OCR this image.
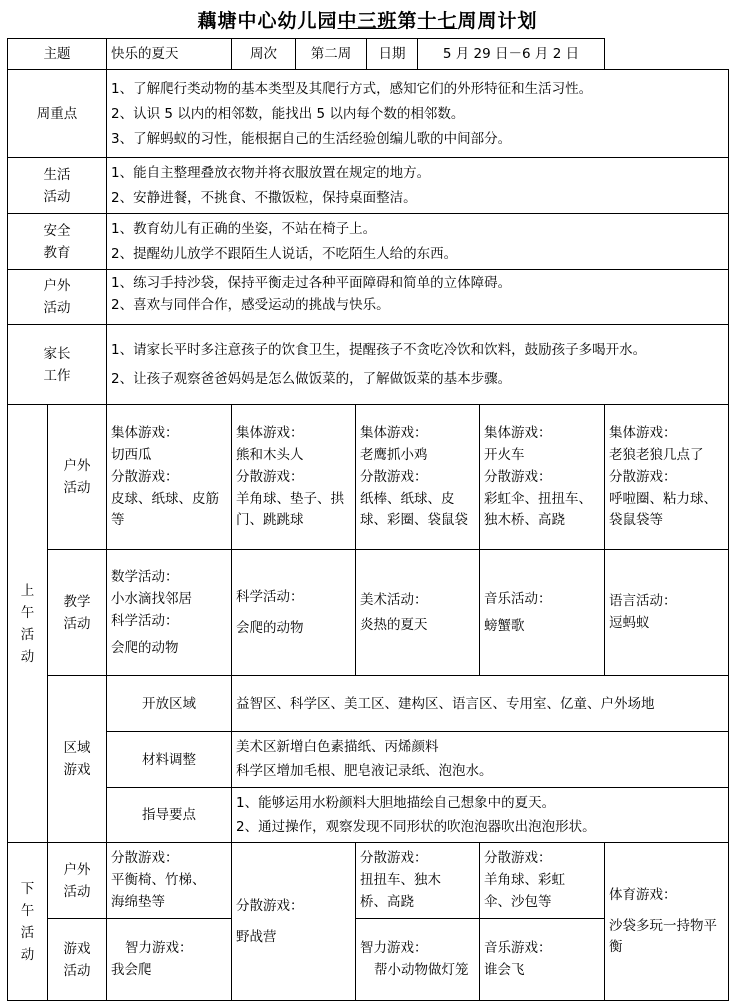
藕塘中心幼儿园中三班第十七周周计划
主题		快乐的夏天	周次 第二周 日期 5 月 29 日－6 月 2 日			

周重点		1、了解爬行类动物的基本类型及其爬行方式，感知它们的外形特征和生活习性。
2、认识 5 以内的相邻数，能找出 5 以内每个数的相邻数。
3、了解蚂蚁的习性，能根据自己的生活经验创编儿歌的中间部分。				

生活
活动		1、能自主整理叠放衣物并将衣服放置在规定的地方。
2、安静进餐，不挑食、不撒饭粒，保持桌面整洁。				

安全
教育		1、教育幼儿有正确的坐姿，不站在椅子上。
2、提醒幼儿放学不跟陌生人说话，不吃陌生人给的东西。				

户外
活动		1、练习手持沙袋，保持平衡走过各种平面障碍和简单的立体障碍。
2、喜欢与同伴合作，感受运动的挑战与快乐。				

家长
工作		1、请家长平时多注意孩子的饮食卫生，提醒孩子不贪吃冷饮和饮料，鼓励孩子多喝开水。
2、让孩子观察爸爸妈妈是怎么做饭菜的，了解做饭菜的基本步骤。				

上
午
活
动	户外
活动	集体游戏：
切西瓜
分散游戏：
皮球、纸球、皮筋等	集体游戏：
熊和木头人
分散游戏：
羊角球、垫子、拱门、跳跳球	集体游戏：
老鹰抓小鸡
分散游戏：
纸棒、纸球、皮球、彩圈、袋鼠袋	集体游戏：
开火车
分散游戏：
彩虹伞、扭扭车、独木桥、高跷	集体游戏：
老狼老狼几点了
分散游戏：
呼啦圈、粘力球、袋鼠袋等

	教学
活动	数学活动：
小水滴找邻居
科学活动：
会爬的动物	科学活动：
会爬的动物	美术活动：
炎热的夏天	音乐活动：
螃蟹歌	语言活动：
逗蚂蚁

	区域
游戏	开放区域	益智区、科学区、美工区、建构区、语言区、专用室、亿童、户外场地			
		材料调整	美术区新增白色素描纸、丙烯颜料
科学区增加毛根、肥皂液记录纸、泡泡水。			

		指导要点	1、能够运用水粉颜料大胆地描绘自己想象中的夏天。
2、通过操作，观察发现不同形状的吹泡泡器吹出泡泡形状。			

下
午
活
动	户外
活动	分散游戏：
平衡椅、竹梯、
海绵垫等	分散游戏：
野战营	分散游戏：
扭扭车、独木
桥、高跷	分散游戏：
羊角球、彩虹
伞、沙包等	体育游戏：
沙袋多玩一持物平衡

	游戏
活动	智力游戏：
我会爬		智力游戏：
帮小动物做灯笼	音乐游戏：
谁会飞	
